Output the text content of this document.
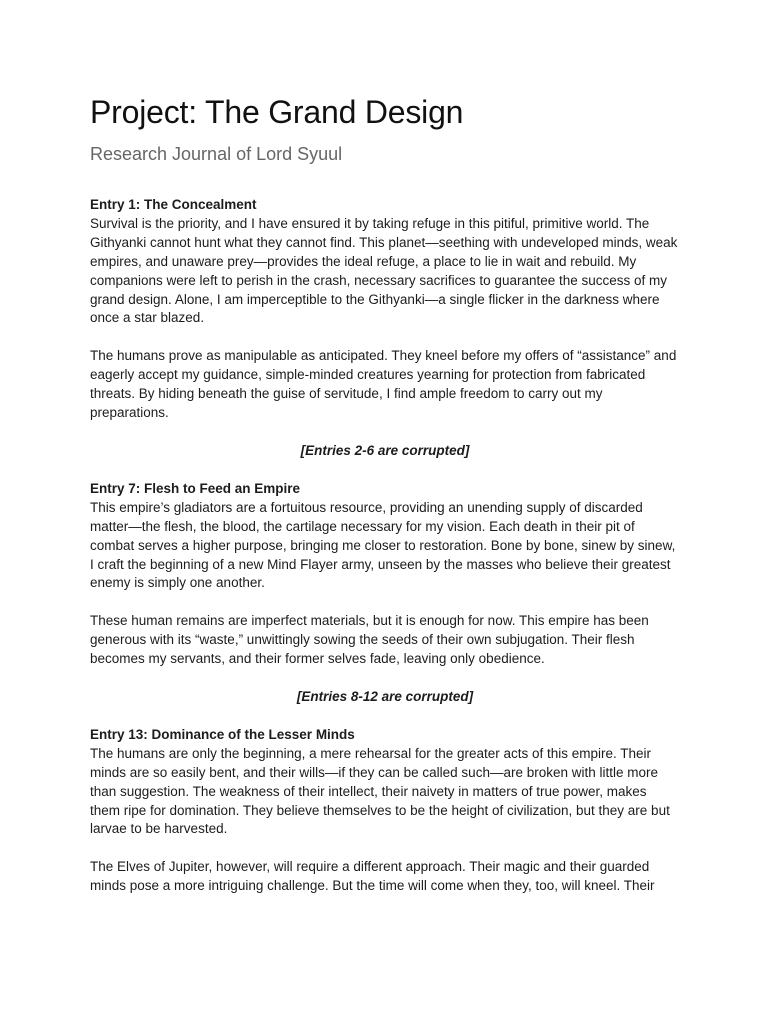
Project: The Grand Design
Research Journal of Lord Syuul

Entry 1: The Concealment

Survival is the priority, and I have ensured it by taking refuge in this pitiful, primitive world. The Githyanki cannot hunt what they cannot find. This planet—seething with undeveloped minds, weak empires, and unaware prey—provides the ideal refuge, a place to lie in wait and rebuild. My companions were left to perish in the crash, necessary sacrifices to guarantee the success of my grand design. Alone, I am imperceptible to the Githyanki—a single flicker in the darkness where once a star blazed.

The humans prove as manipulable as anticipated. They kneel before my offers of “assistance” and eagerly accept my guidance, simple-minded creatures yearning for protection from fabricated threats. By hiding beneath the guise of servitude, I find ample freedom to carry out my preparations.

[Entries 2-6 are corrupted]

Entry 7: Flesh to Feed an Empire

This empire’s gladiators are a fortuitous resource, providing an unending supply of discarded matter—the flesh, the blood, the cartilage necessary for my vision. Each death in their pit of combat serves a higher purpose, bringing me closer to restoration. Bone by bone, sinew by sinew, I craft the beginning of a new Mind Flayer army, unseen by the masses who believe their greatest enemy is simply one another.

These human remains are imperfect materials, but it is enough for now. This empire has been generous with its “waste,” unwittingly sowing the seeds of their own subjugation. Their flesh becomes my servants, and their former selves fade, leaving only obedience.

[Entries 8-12 are corrupted]

Entry 13: Dominance of the Lesser Minds

The humans are only the beginning, a mere rehearsal for the greater acts of this empire. Their minds are so easily bent, and their wills—if they can be called such—are broken with little more than suggestion. The weakness of their intellect, their naivety in matters of true power, makes them ripe for domination. They believe themselves to be the height of civilization, but they are but larvae to be harvested.

The Elves of Jupiter, however, will require a different approach. Their magic and their guarded minds pose a more intriguing challenge. But the time will come when they, too, will kneel. Their
